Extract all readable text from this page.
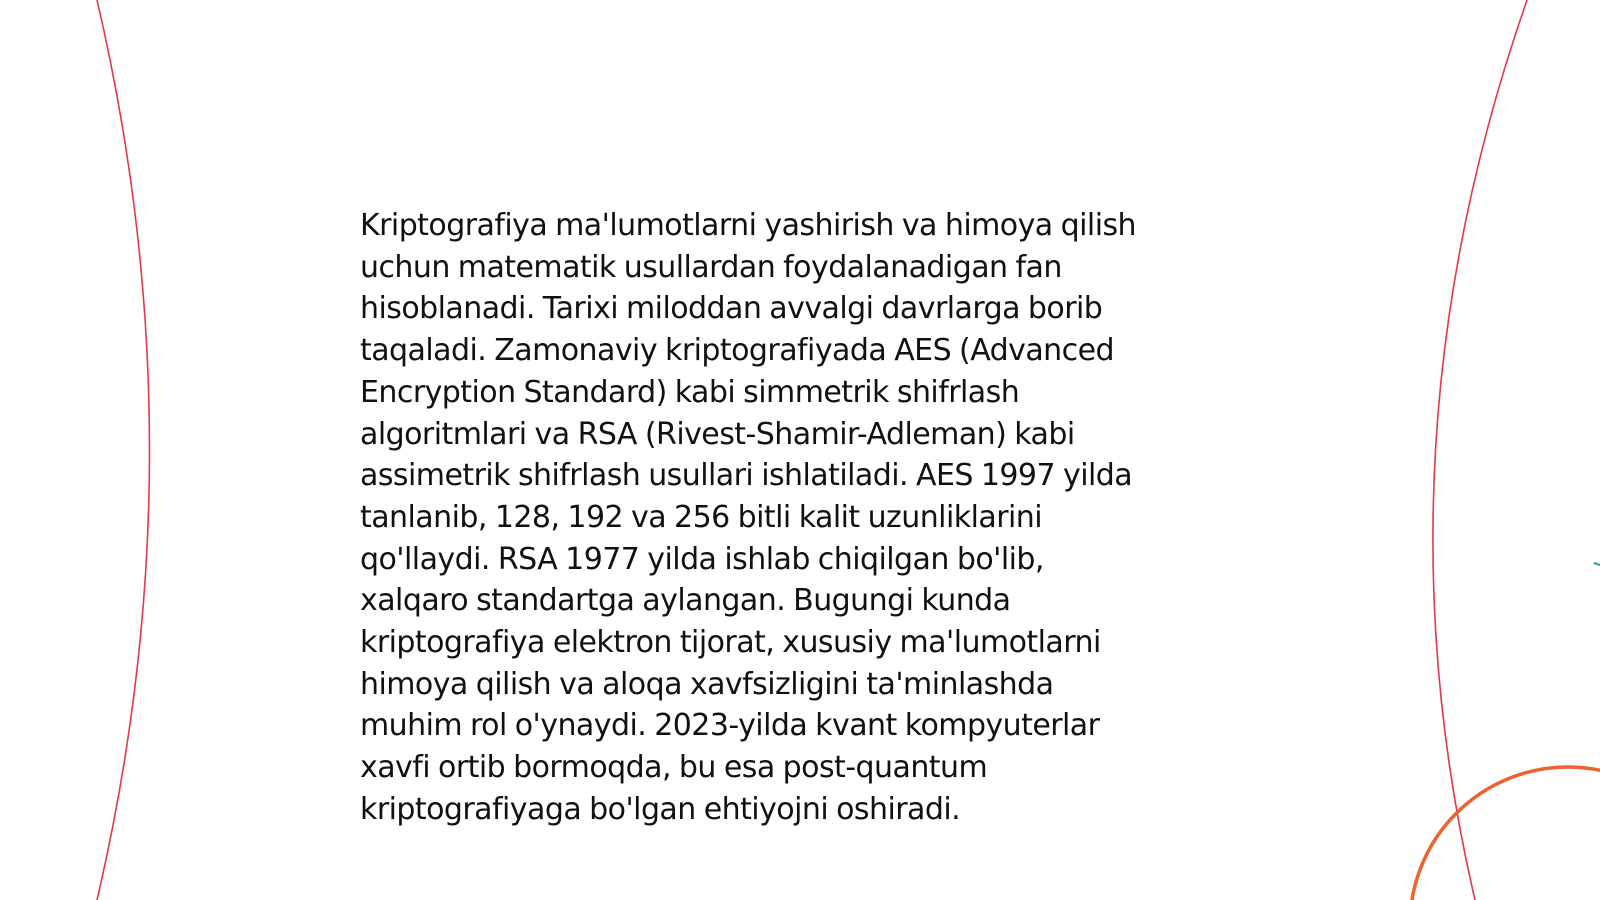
Kriptografiya ma'lumotlarni yashirish va himoya qilish
uchun matematik usullardan foydalanadigan fan
hisoblanadi. Tarixi miloddan avvalgi davrlarga borib
taqaladi. Zamonaviy kriptografiyada AES (Advanced
Encryption Standard) kabi simmetrik shifrlash
algoritmlari va RSA (Rivest-Shamir-Adleman) kabi
assimetrik shifrlash usullari ishlatiladi. AES 1997 yilda
tanlanib, 128, 192 va 256 bitli kalit uzunliklarini
qo'llaydi. RSA 1977 yilda ishlab chiqilgan bo'lib,
xalqaro standartga aylangan. Bugungi kunda
kriptografiya elektron tijorat, xususiy ma'lumotlarni
himoya qilish va aloqa xavfsizligini ta'minlashda
muhim rol o'ynaydi. 2023-yilda kvant kompyuterlar
xavfi ortib bormoqda, bu esa post-quantum
kriptografiyaga bo'lgan ehtiyojni oshiradi.
